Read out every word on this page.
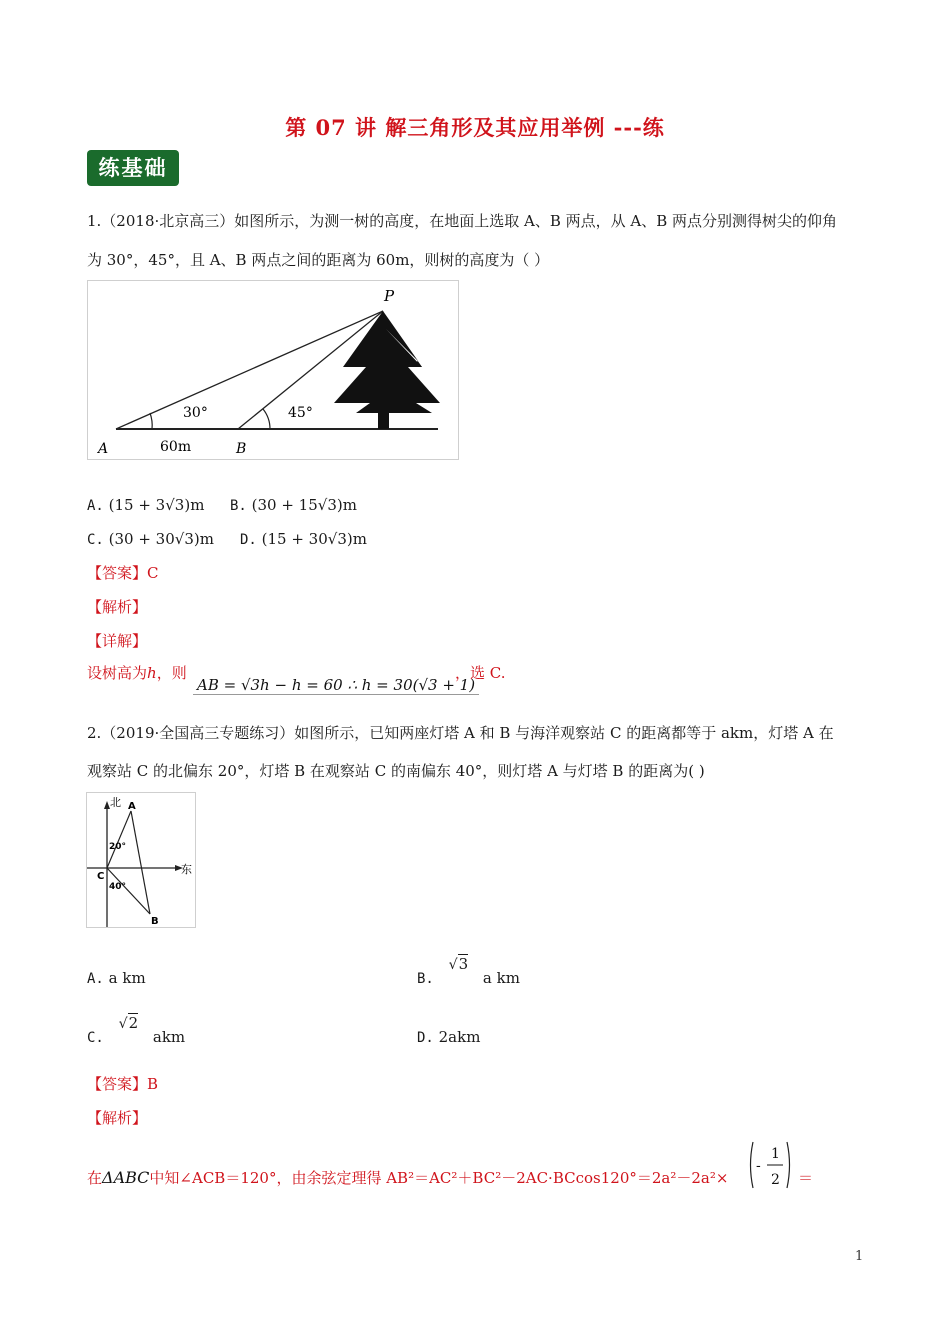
第 07 讲 解三角形及其应用举例 ---练
练基础
1.（2018·北京高三）如图所示，为测一树的高度，在地面上选取 A、B 两点，从 A、B 两点分别测得树尖的仰角
为 30°，45°，且 A、B 两点之间的距离为 60m，则树的高度为（ ）
P
A	B
30°	45°
60m
A. (15 + 3√3)m B. (30 + 15√3)m
C. (30 + 30√3)m D. (15 + 30√3)m
【答案】C
【解析】
【详解】
设树高为h，则
AB = √3h − h = 60 ∴ h = 30(√3 + 1)
，选 C.
2.（2019·全国高三专题练习）如图所示，已知两座灯塔 A 和 B 与海洋观察站 C 的距离都等于 akm，灯塔 A 在
观察站 C 的北偏东 20°，灯塔 B 在观察站 C 的南偏东 40°，则灯塔 A 与灯塔 B 的距离为( )
北
东
A
B
C
20°
40°
A. a km	B. √3 a km
C. √2 akm	D. 2akm
【答案】B
【解析】
在ΔABC中知∠ACB＝120°，由余弦定理得 AB²＝AC²＋BC²－2AC·BCcos120°＝2a²－2a²×
-
1
2 ＝
1
